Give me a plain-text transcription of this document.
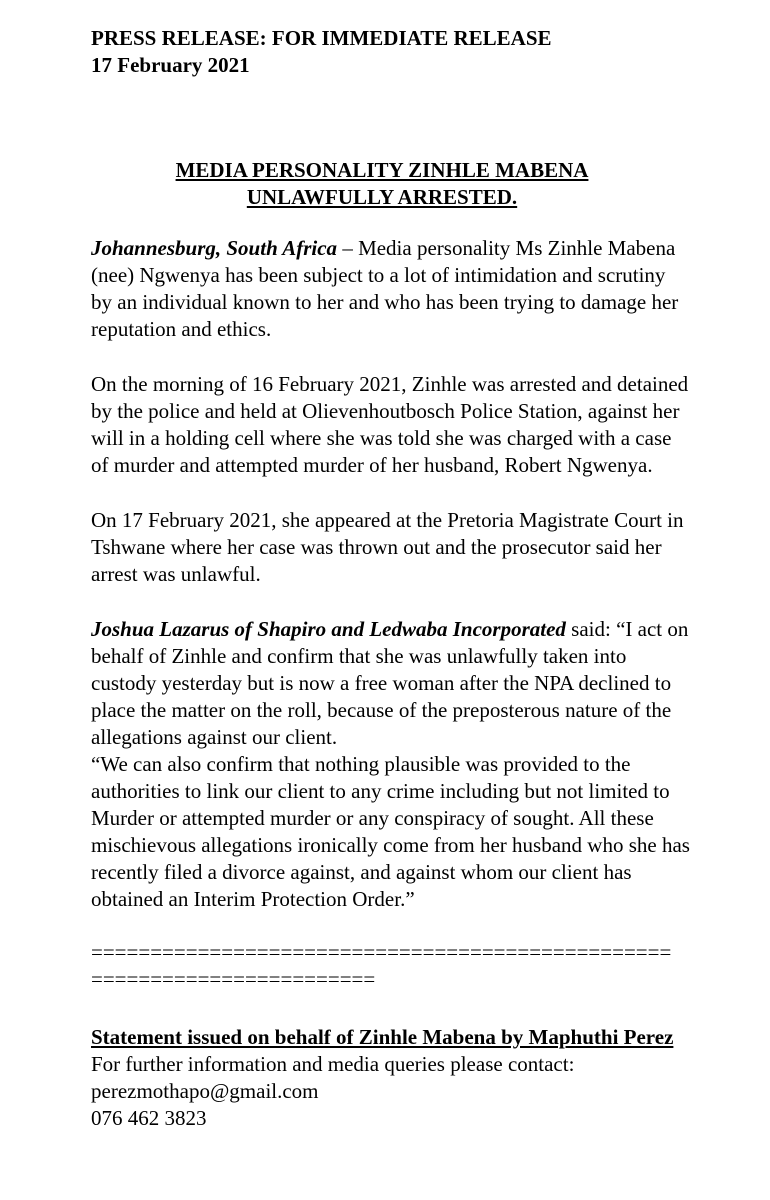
PRESS RELEASE: FOR IMMEDIATE RELEASE
17 February 2021
MEDIA PERSONALITY ZINHLE MABENA
UNLAWFULLY ARRESTED.

Johannesburg, South Africa – Media personality Ms Zinhle Mabena (nee) Ngwenya has been subject to a lot of intimidation and scrutiny by an individual known to her and who has been trying to damage her reputation and ethics.

On the morning of 16 February 2021, Zinhle was arrested and detained by the police and held at Olievenhoutbosch Police Station, against her will in a holding cell where she was told she was charged with a case of murder and attempted murder of her husband, Robert Ngwenya.

On 17 February 2021, she appeared at the Pretoria Magistrate Court in Tshwane where her case was thrown out and the prosecutor said her arrest was unlawful.

Joshua Lazarus of Shapiro and Ledwaba Incorporated said: “I act on behalf of Zinhle and confirm that she was unlawfully taken into custody yesterday but is now a free woman after the NPA declined to place the matter on the roll, because of the preposterous nature of the allegations against our client.

“We can also confirm that nothing plausible was provided to the authorities to link our client to any crime including but not limited to Murder or attempted murder or any conspiracy of sought. All these mischievous allegations ironically come from her husband who she has recently filed a divorce against, and against whom our client has obtained an Interim Protection Order.”

=========================================================================

Statement issued on behalf of Zinhle Mabena by Maphuthi Perez

For further information and media queries please contact:

perezmothapo@gmail.com

076 462 3823
